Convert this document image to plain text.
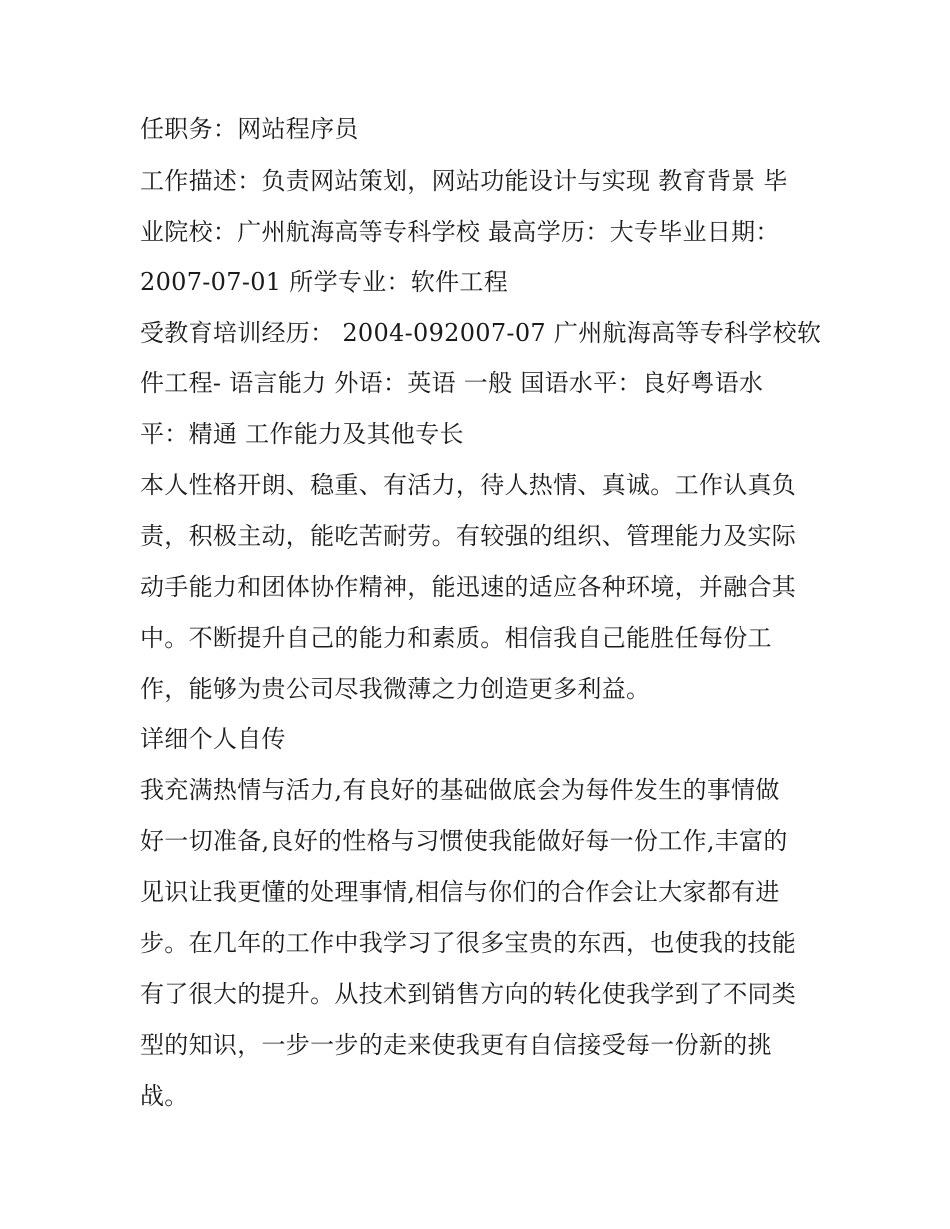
任职务：网站程序员
工作描述：负责网站策划，网站功能设计与实现 教育背景 毕
业院校：广州航海高等专科学校 最高学历：大专毕业日期：
2007-07-01 所学专业：软件工程
受教育培训经历： 2004-092007-07 广州航海高等专科学校软
件工程- 语言能力 外语：英语 一般 国语水平：良好粤语水
平：精通 工作能力及其他专长
本人性格开朗、稳重、有活力，待人热情、真诚。工作认真负
责，积极主动，能吃苦耐劳。有较强的组织、管理能力及实际
动手能力和团体协作精神，能迅速的适应各种环境，并融合其
中。不断提升自己的能力和素质。相信我自己能胜任每份工
作，能够为贵公司尽我微薄之力创造更多利益。
详细个人自传
我充满热情与活力,有良好的基础做底会为每件发生的事情做
好一切准备,良好的性格与习惯使我能做好每一份工作,丰富的
见识让我更懂的处理事情,相信与你们的合作会让大家都有进
步。在几年的工作中我学习了很多宝贵的东西，也使我的技能
有了很大的提升。从技术到销售方向的转化使我学到了不同类
型的知识，一步一步的走来使我更有自信接受每一份新的挑
战。
